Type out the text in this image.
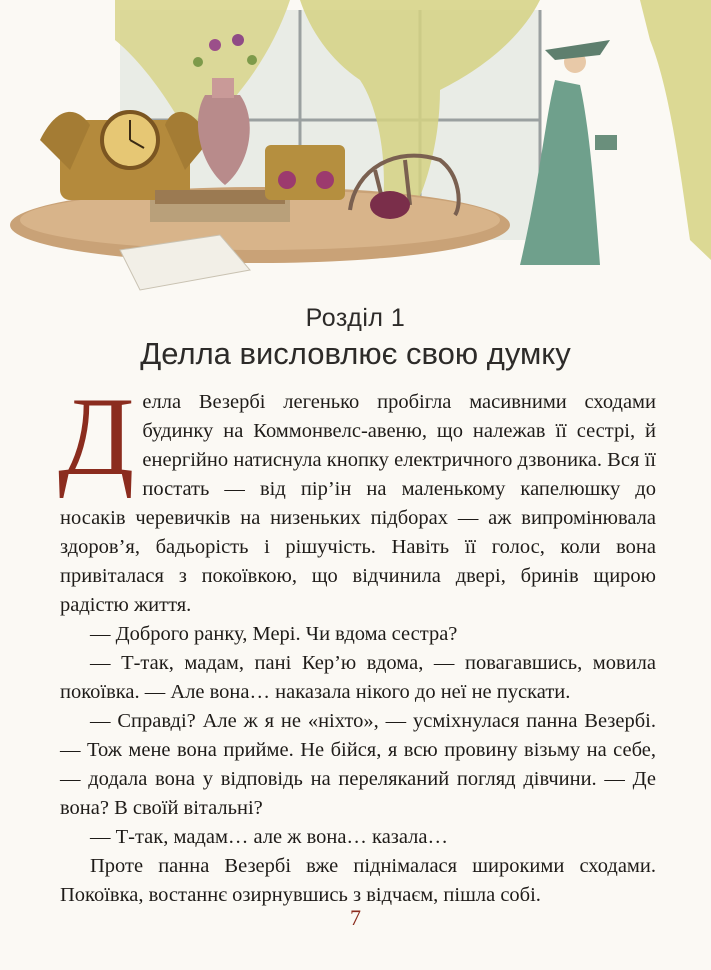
Розділ 1
Делла висловлює свою думку

Делла Везербі легенько пробігла масивними сходами будинку на Коммонвелс-авеню, що належав її сестрі, й енергійно натиснула кнопку електричного дзвоника. Вся її постать — від пір’ін на маленькому капелюшку до носаків черевичків на низеньких підборах — аж випромінювала здоров’я, бадьорість і рішучість. Навіть її голос, коли вона привіталася з покоївкою, що відчинила двері, бринів щирою радістю життя.

— Доброго ранку, Мері. Чи вдома сестра?

— Т-так, мадам, пані Кер’ю вдома, — повагавшись, мовила покоївка. — Але вона… наказала нікого до неї не пускати.

— Справді? Але ж я не «ніхто», — усміхнулася панна Везербі. — Тож мене вона прийме. Не бійся, я всю провину візьму на себе, — додала вона у відповідь на переляканий погляд дівчини. — Де вона? В своїй вітальні?

— Т-так, мадам… але ж вона… казала…

Проте панна Везербі вже піднімалася широкими сходами. Покоївка, востаннє озирнувшись з відчаєм, пішла собі.

7
